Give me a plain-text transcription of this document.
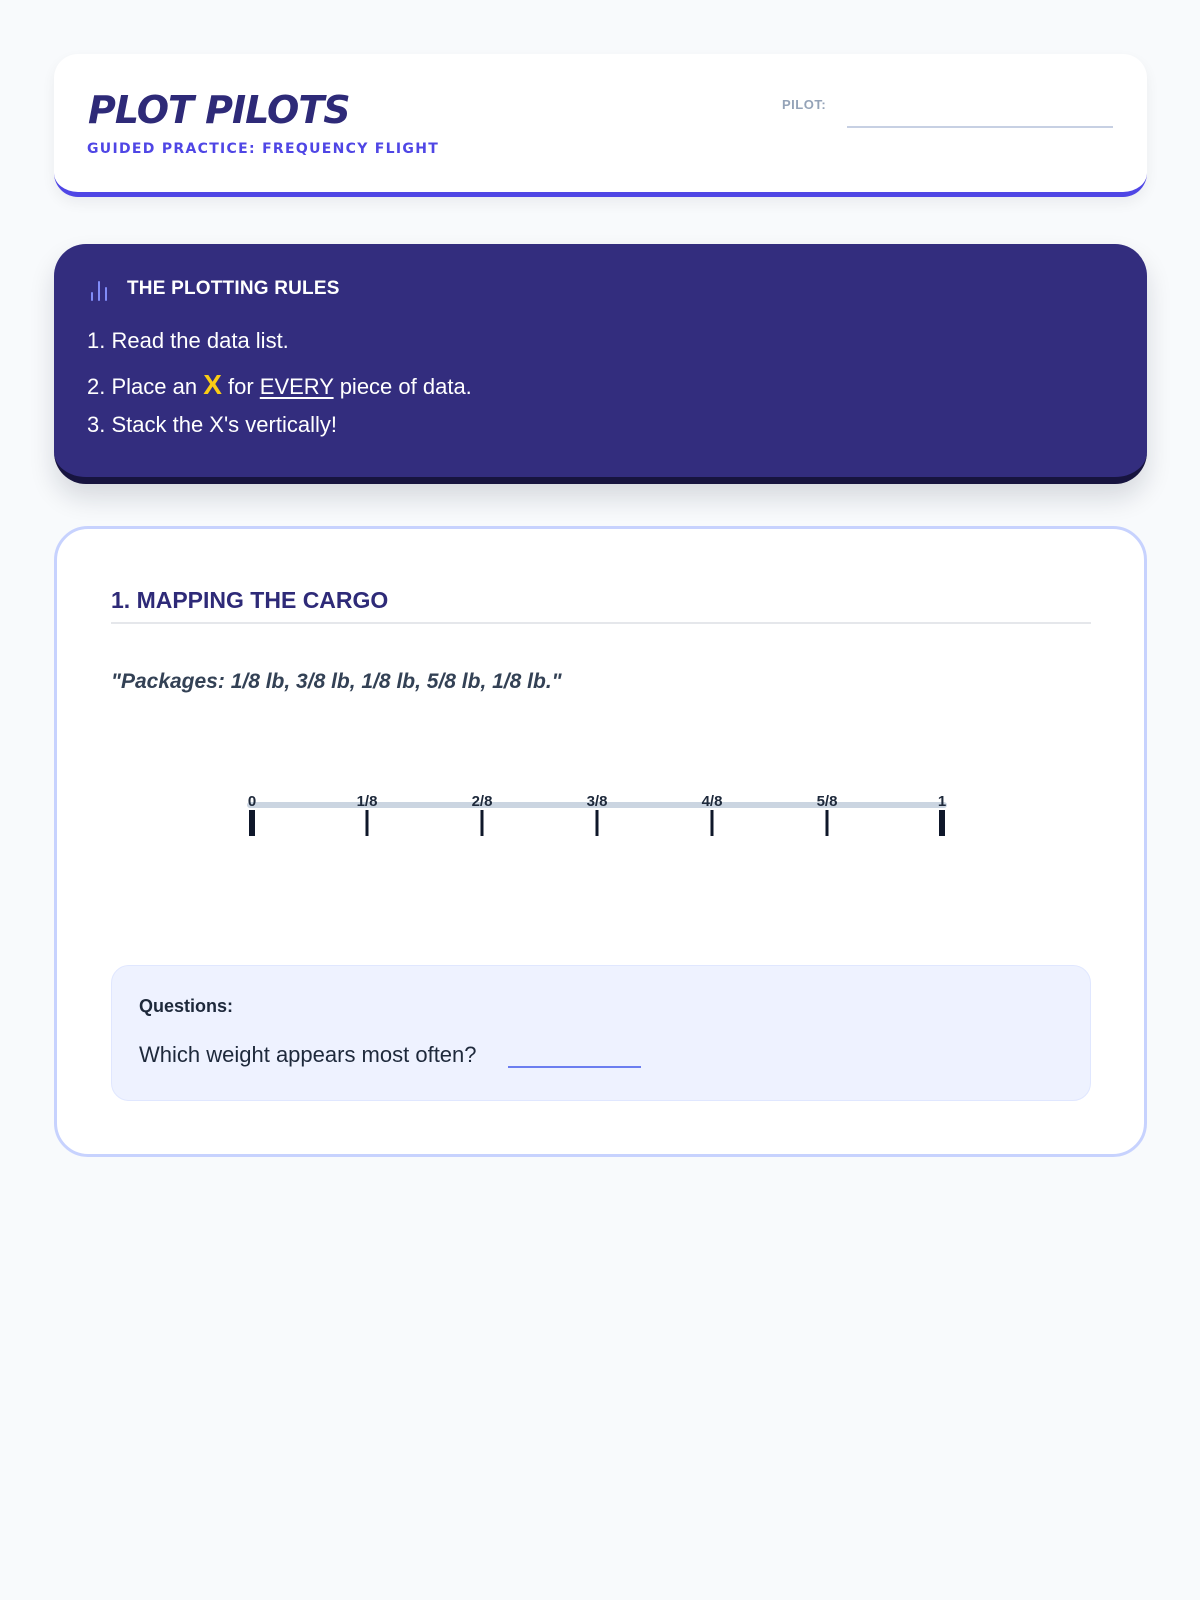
PLOT PILOTS
GUIDED PRACTICE: FREQUENCY FLIGHT
PILOT:
THE PLOTTING RULES
1. Read the data list.
2. Place an X for EVERY piece of data.
3. Stack the X's vertically!
1. MAPPING THE CARGO
"Packages: 1/8 lb, 3/8 lb, 1/8 lb, 5/8 lb, 1/8 lb."
0	1/8	2/8	3/8	4/8	5/8	1
Questions:
Which weight appears most often?
